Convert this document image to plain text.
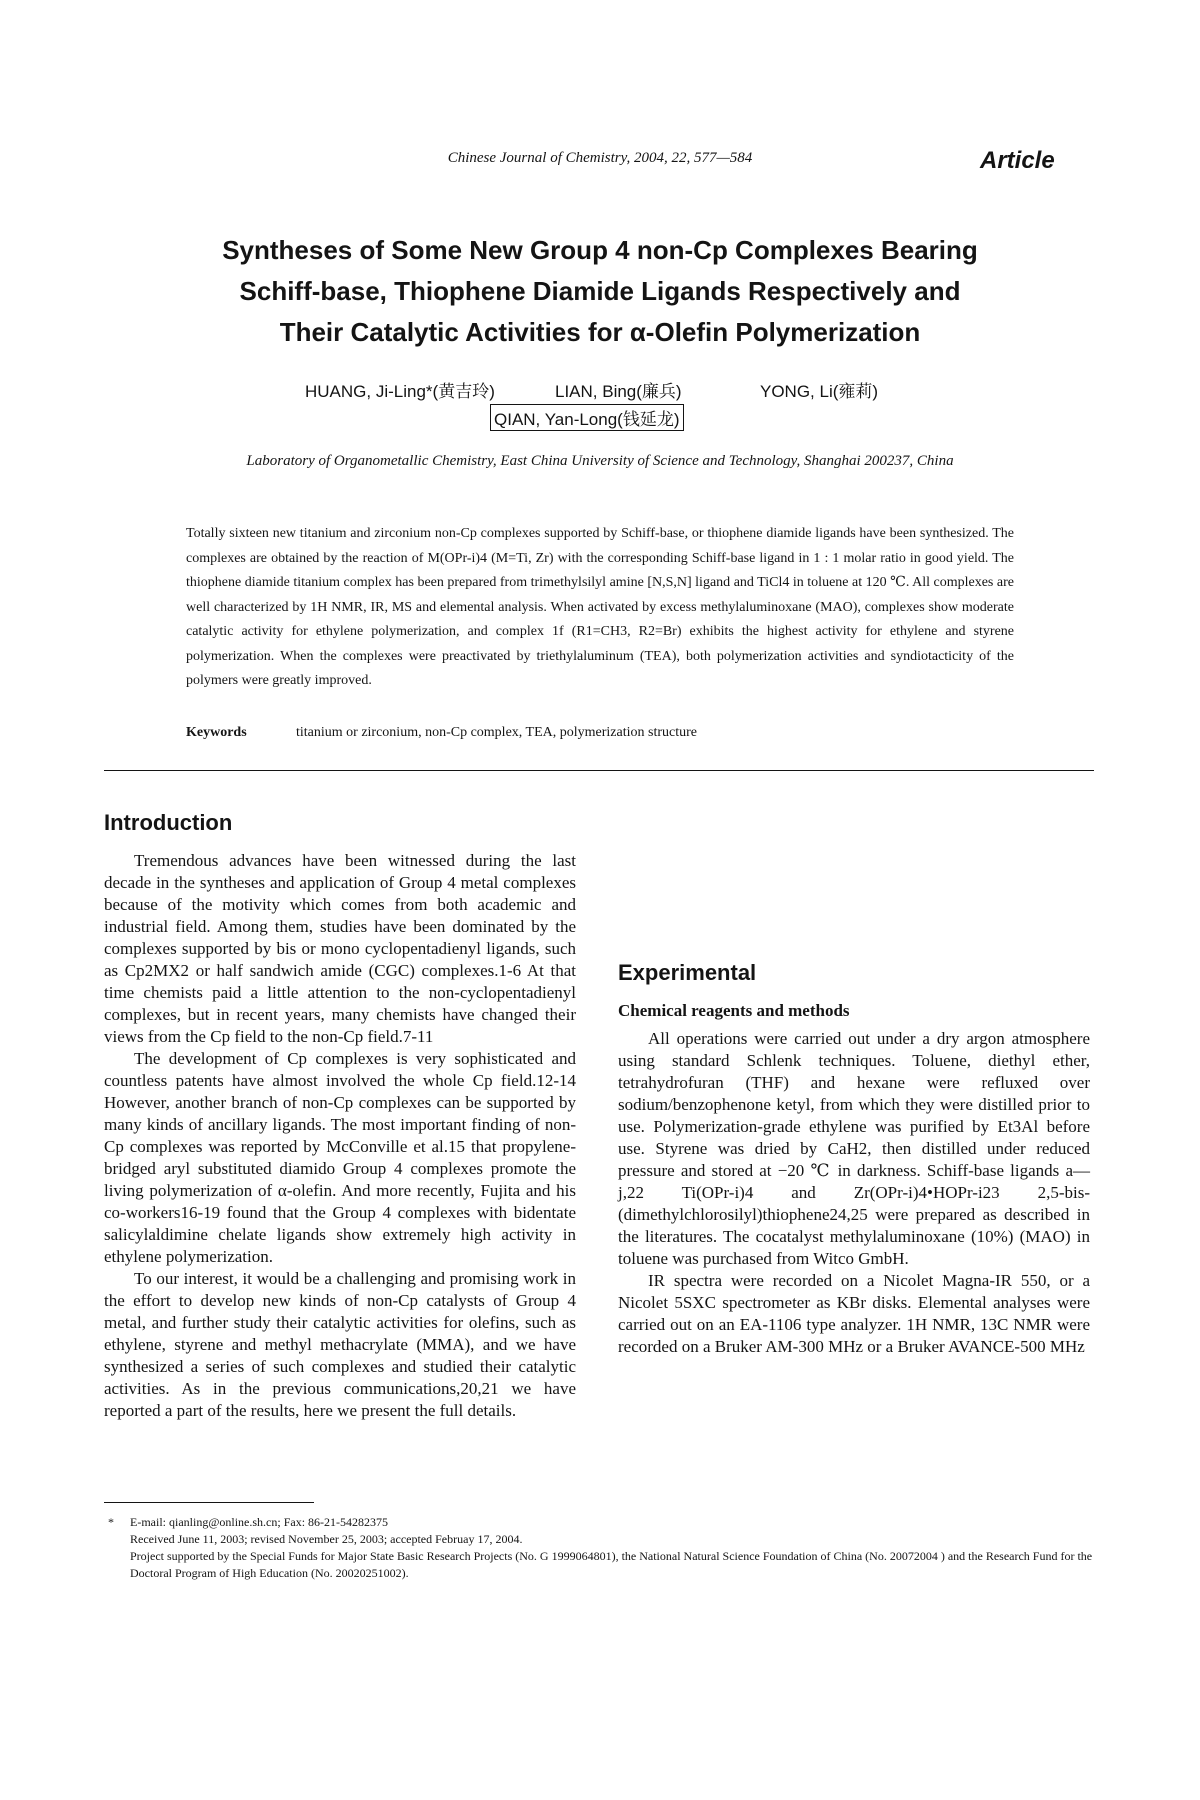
Chinese Journal of Chemistry, 2004, 22, 577—584	Article
Syntheses of Some New Group 4 non-Cp Complexes Bearing
Schiff-base, Thiophene Diamide Ligands Respectively and
Their Catalytic Activities for α-Olefin Polymerization
HUANG, Ji-Ling*(黄吉玲)	LIAN, Bing(廉兵)	YONG, Li(雍莉)
QIAN, Yan-Long(钱延龙)
Laboratory of Organometallic Chemistry, East China University of Science and Technology, Shanghai 200237, China
Totally sixteen new titanium and zirconium non-Cp complexes supported by Schiff-base, or thiophene diamide ligands have been synthesized. The complexes are obtained by the reaction of M(OPr-i)4 (M=Ti, Zr) with the corresponding Schiff-base ligand in 1 : 1 molar ratio in good yield. The thiophene diamide titanium complex has been prepared from trimethylsilyl amine [N,S,N] ligand and TiCl4 in toluene at 120 ℃. All complexes are well characterized by 1H NMR, IR, MS and elemental analysis. When activated by excess methylaluminoxane (MAO), complexes show moderate catalytic activity for ethylene polymerization, and complex 1f (R1=CH3, R2=Br) exhibits the highest activity for ethylene and styrene polymerization. When the complexes were preactivated by triethylaluminum (TEA), both polymerization activities and syndiotacticity of the polymers were greatly improved.
Keywords	titanium or zirconium, non-Cp complex, TEA, polymerization structure
Introduction

Tremendous advances have been witnessed during the last decade in the syntheses and application of Group 4 metal complexes because of the motivity which comes from both academic and industrial field. Among them, studies have been dominated by the complexes supported by bis or mono cyclopentadienyl ligands, such as Cp2MX2 or half sandwich amide (CGC) complexes.1-6 At that time chemists paid a little attention to the non-cyclopentadienyl complexes, but in recent years, many chemists have changed their views from the Cp field to the non-Cp field.7-11

The development of Cp complexes is very sophisticated and countless patents have almost involved the whole Cp field.12-14 However, another branch of non-Cp complexes can be supported by many kinds of ancillary ligands. The most important finding of non-Cp complexes was reported by McConville et al.15 that propylene-bridged aryl substituted diamido Group 4 complexes promote the living polymerization of α-olefin. And more recently, Fujita and his co-workers16-19 found that the Group 4 complexes with bidentate salicylaldimine chelate ligands show extremely high activity in ethylene polymerization.

To our interest, it would be a challenging and promising work in the effort to develop new kinds of non-Cp catalysts of Group 4 metal, and further study their catalytic activities for olefins, such as ethylene, styrene and methyl methacrylate (MMA), and we have synthesized a series of such complexes and studied their catalytic activities. As in the previous communications,20,21 we have reported a part of the results, here we present the full details.

Experimental
Chemical reagents and methods

All operations were carried out under a dry argon atmosphere using standard Schlenk techniques. Toluene, diethyl ether, tetrahydrofuran (THF) and hexane were refluxed over sodium/benzophenone ketyl, from which they were distilled prior to use. Polymerization-grade ethylene was purified by Et3Al before use. Styrene was dried by CaH2, then distilled under reduced pressure and stored at −20 ℃ in darkness. Schiff-base ligands a—j,22 Ti(OPr-i)4 and Zr(OPr-i)4•HOPr-i23 2,5-bis-(dimethylchlorosilyl)thiophene24,25 were prepared as described in the literatures. The cocatalyst methylaluminoxane (10%) (MAO) in toluene was purchased from Witco GmbH.

IR spectra were recorded on a Nicolet Magna-IR 550, or a Nicolet 5SXC spectrometer as KBr disks. Elemental analyses were carried out on an EA-1106 type analyzer. 1H NMR, 13C NMR were recorded on a Bruker AM-300 MHz or a Bruker AVANCE-500 MHz

* E-mail: qianling@online.sh.cn; Fax: 86-21-54282375
Received June 11, 2003; revised November 25, 2003; accepted Februay 17, 2004.
Project supported by the Special Funds for Major State Basic Research Projects (No. G 1999064801), the National Natural Science Foundation of China (No. 20072004 ) and the Research Fund for the Doctoral Program of High Education (No. 20020251002).
